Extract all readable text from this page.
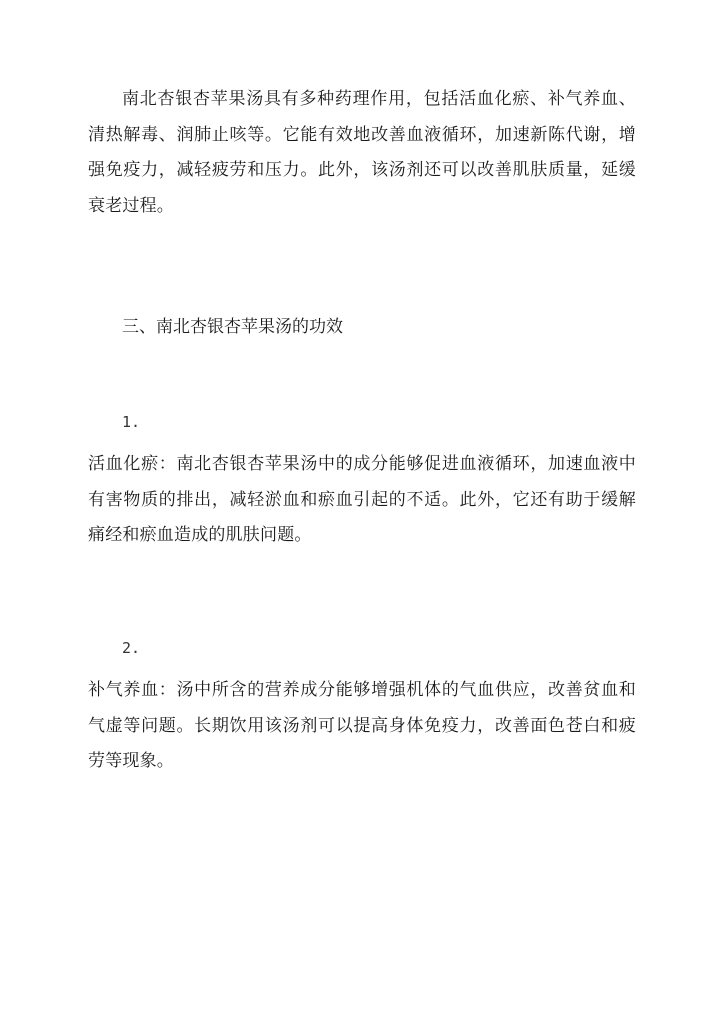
南北杏银杏苹果汤具有多种药理作用，包括活血化瘀、补气养血、清热解毒、润肺止咳等。它能有效地改善血液循环，加速新陈代谢，增强免疫力，减轻疲劳和压力。此外，该汤剂还可以改善肌肤质量，延缓衰老过程。

三、南北杏银杏苹果汤的功效

1.

活血化瘀：南北杏银杏苹果汤中的成分能够促进血液循环，加速血液中有害物质的排出，减轻淤血和瘀血引起的不适。此外，它还有助于缓解痛经和瘀血造成的肌肤问题。

2.

补气养血：汤中所含的营养成分能够增强机体的气血供应，改善贫血和气虚等问题。长期饮用该汤剂可以提高身体免疫力，改善面色苍白和疲劳等现象。
